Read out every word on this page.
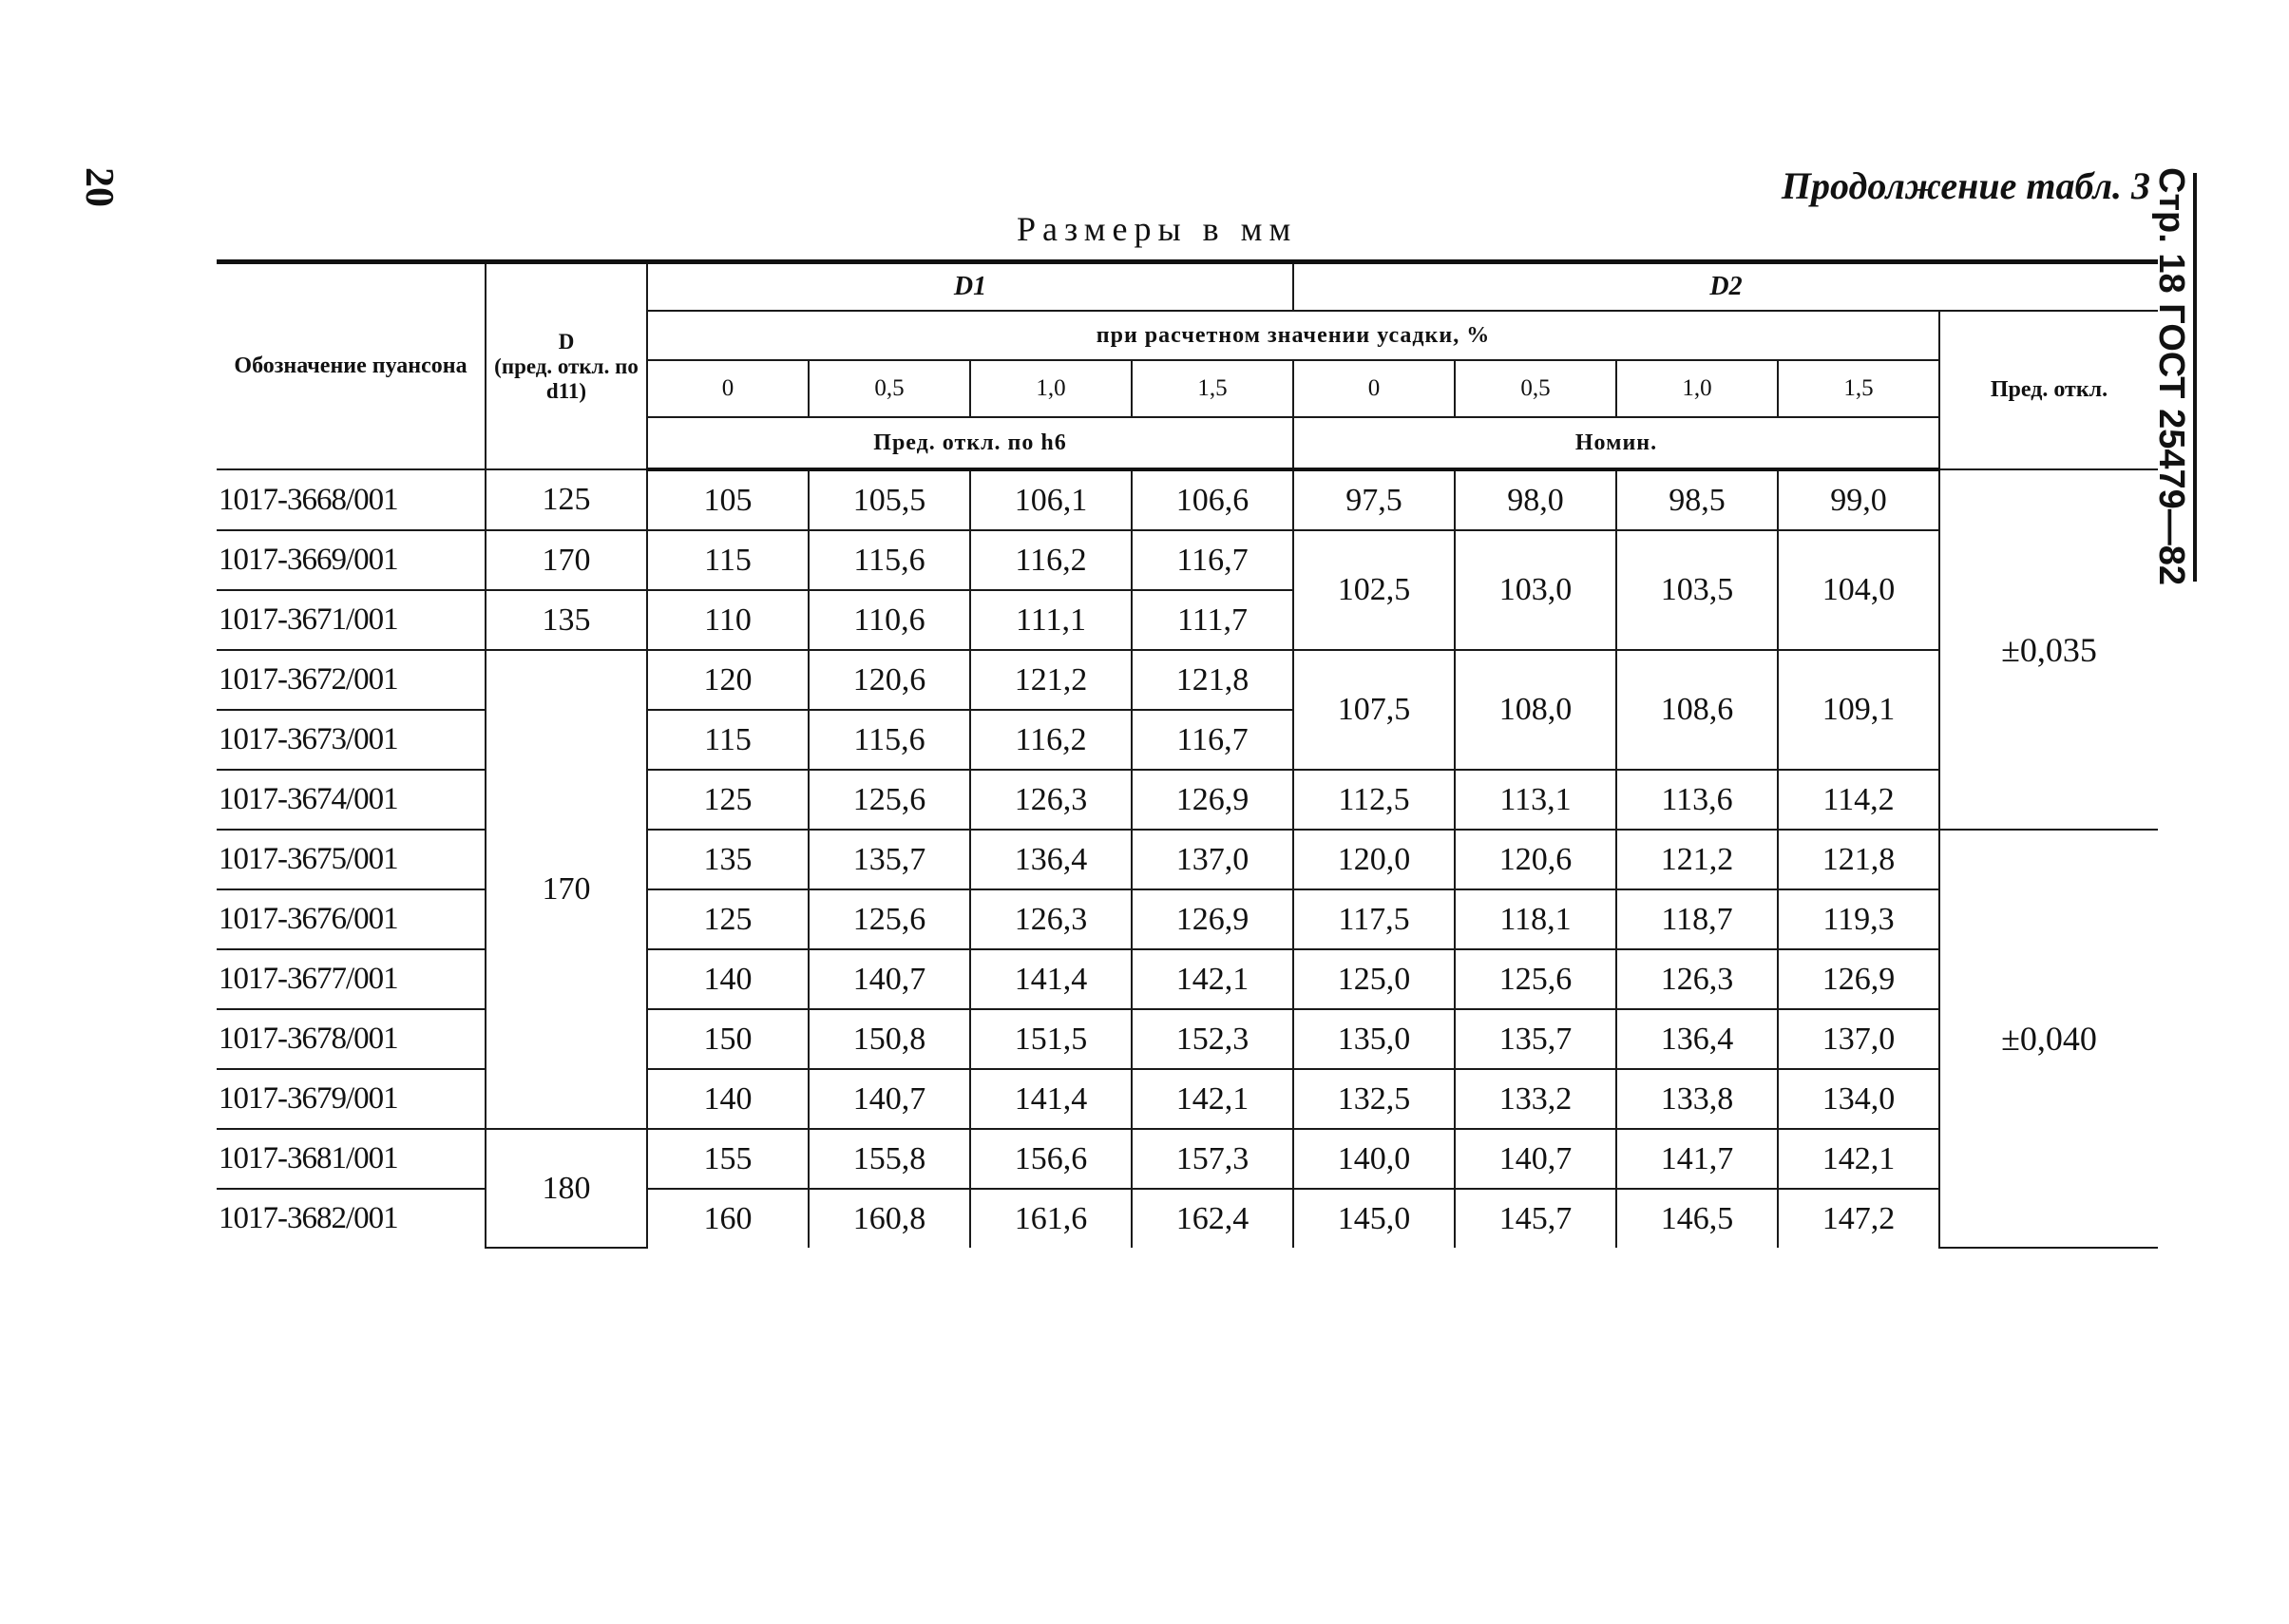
20	Продолжение табл. 3 Стр. 18 ГОСТ 25479—82
Размеры в мм
Обозначение пуансона	D
(пред. откл. по d11)	D1				D2				
		при расчетном значении усадки, %								Пред. откл.
		0	0,5	1,0	1,5	0	0,5	1,0	1,5	
		Пред. откл. по h6				Номин.				
1017-3668/001	125	105	105,5	106,1	106,6	97,5	98,0	98,5	99,0	±0,035
1017-3669/001	170	115	115,6	116,2	116,7	102,5	103,0	103,5	104,0	
1017-3671/001	135	110	110,6	111,1	111,7					
1017-3672/001	170	120	120,6	121,2	121,8	107,5	108,0	108,6	109,1	
1017-3673/001		115	115,6	116,2	116,7					
1017-3674/001		125	125,6	126,3	126,9	112,5	113,1	113,6	114,2	
1017-3675/001		135	135,7	136,4	137,0	120,0	120,6	121,2	121,8	±0,040
1017-3676/001		125	125,6	126,3	126,9	117,5	118,1	118,7	119,3	
1017-3677/001		140	140,7	141,4	142,1	125,0	125,6	126,3	126,9	
1017-3678/001		150	150,8	151,5	152,3	135,0	135,7	136,4	137,0	
1017-3679/001		140	140,7	141,4	142,1	132,5	133,2	133,8	134,0	
1017-3681/001	180	155	155,8	156,6	157,3	140,0	140,7	141,7	142,1	
1017-3682/001		160	160,8	161,6	162,4	145,0	145,7	146,5	147,2	
